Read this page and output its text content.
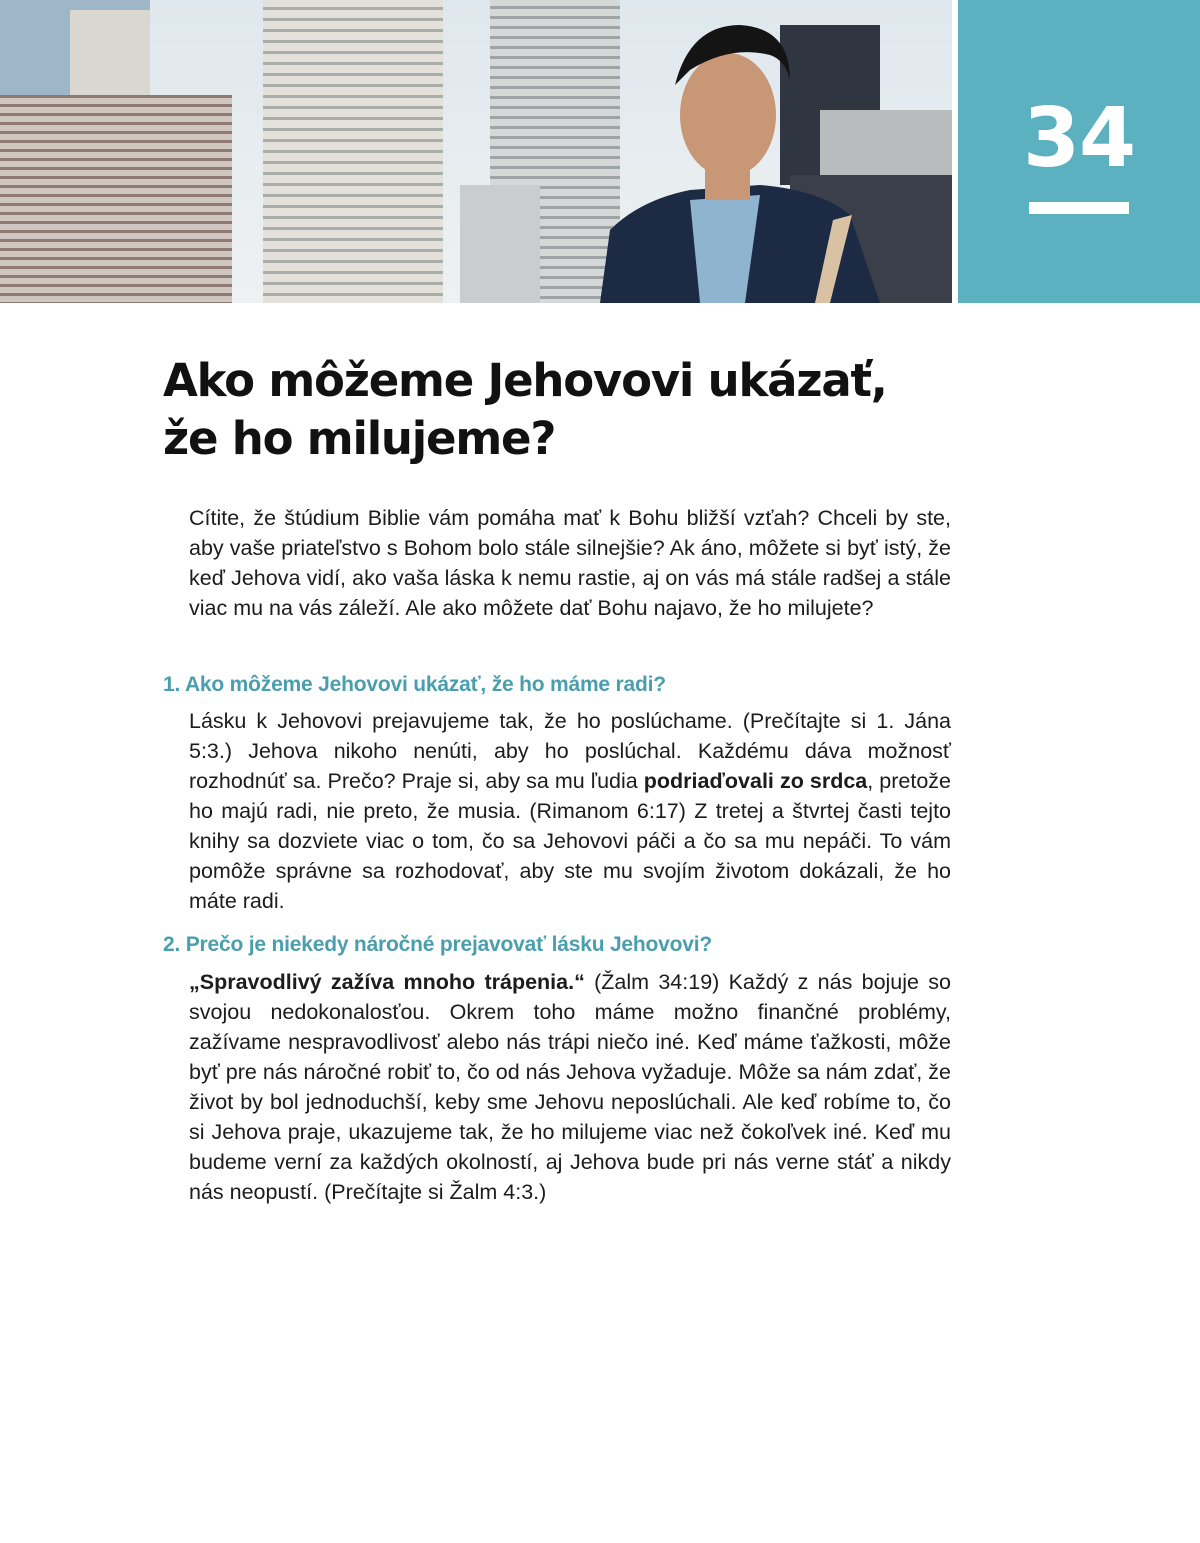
34
Ako môžeme Jehovovi ukázať,
že ho milujeme?

Cítite, že štúdium Biblie vám pomáha mať k Bohu bližší vzťah? Chceli by ste, aby vaše priateľstvo s Bohom bolo stále silnejšie? Ak áno, môžete si byť istý, že keď Jehova vidí, ako vaša láska k nemu rastie, aj on vás má stále radšej a stále viac mu na vás záleží. Ale ako môžete dať Bohu najavo, že ho milujete?

1. Ako môžeme Jehovovi ukázať, že ho máme radi?

Lásku k Jehovovi prejavujeme tak, že ho poslúchame. (Prečítajte si 1. Jána 5:3.) Jehova nikoho nenúti, aby ho poslúchal. Každému dáva možnosť rozhodnúť sa. Prečo? Praje si, aby sa mu ľudia podriaďovali zo srdca, pretože ho majú radi, nie preto, že musia. (Rimanom 6:17) Z tretej a štvrtej časti tejto knihy sa dozviete viac o tom, čo sa Jehovovi páči a čo sa mu nepáči. To vám pomôže správne sa rozhodovať, aby ste mu svojím životom dokázali, že ho máte radi.

2. Prečo je niekedy náročné prejavovať lásku Jehovovi?

„Spravodlivý zažíva mnoho trápenia.“ (Žalm 34:19) Každý z nás bojuje so svojou nedokonalosťou. Okrem toho máme možno finančné problémy, zažívame nespravodlivosť alebo nás trápi niečo iné. Keď máme ťažkosti, môže byť pre nás náročné robiť to, čo od nás Jehova vyžaduje. Môže sa nám zdať, že život by bol jednoduchší, keby sme Jehovu neposlúchali. Ale keď robíme to, čo si Jehova praje, ukazujeme tak, že ho milujeme viac než čokoľvek iné. Keď mu budeme verní za každých okolností, aj Jehova bude pri nás verne stáť a nikdy nás neopustí. (Prečítajte si Žalm 4:3.)
